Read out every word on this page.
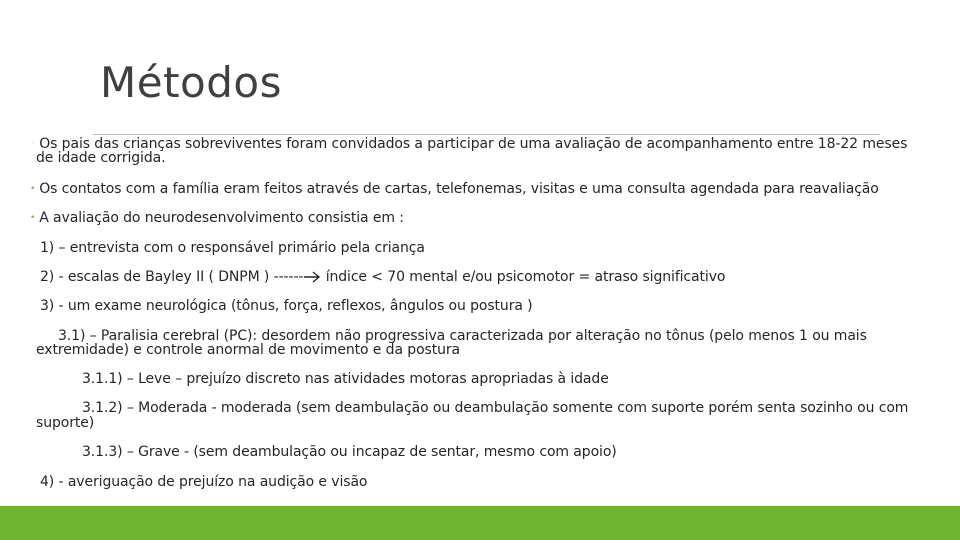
Métodos
• Os pais das crianças sobreviventes foram convidados a participar de uma avaliação de acompanhamento entre 18-22 meses
de idade corrigida.
• Os contatos com a família eram feitos através de cartas, telefonemas, visitas e uma consulta agendada para reavaliação
• A avaliação do neurodesenvolvimento consistia em :
1) – entrevista com o responsável primário pela criança
2) - escalas de Bayley II ( DNPM ) ------ índice < 70 mental e/ou psicomotor = atraso significativo
3) - um exame neurológica (tônus, força, reflexos, ângulos ou postura )
3.1) – Paralisia cerebral (PC): desordem não progressiva caracterizada por alteração no tônus (pelo menos 1 ou mais
extremidade) e controle anormal de movimento e da postura
3.1.1) – Leve – prejuízo discreto nas atividades motoras apropriadas à idade
3.1.2) – Moderada - moderada (sem deambulação ou deambulação somente com suporte porém senta sozinho ou com
suporte)
3.1.3) – Grave - (sem deambulação ou incapaz de sentar, mesmo com apoio)
4) - averiguação de prejuízo na audição e visão
